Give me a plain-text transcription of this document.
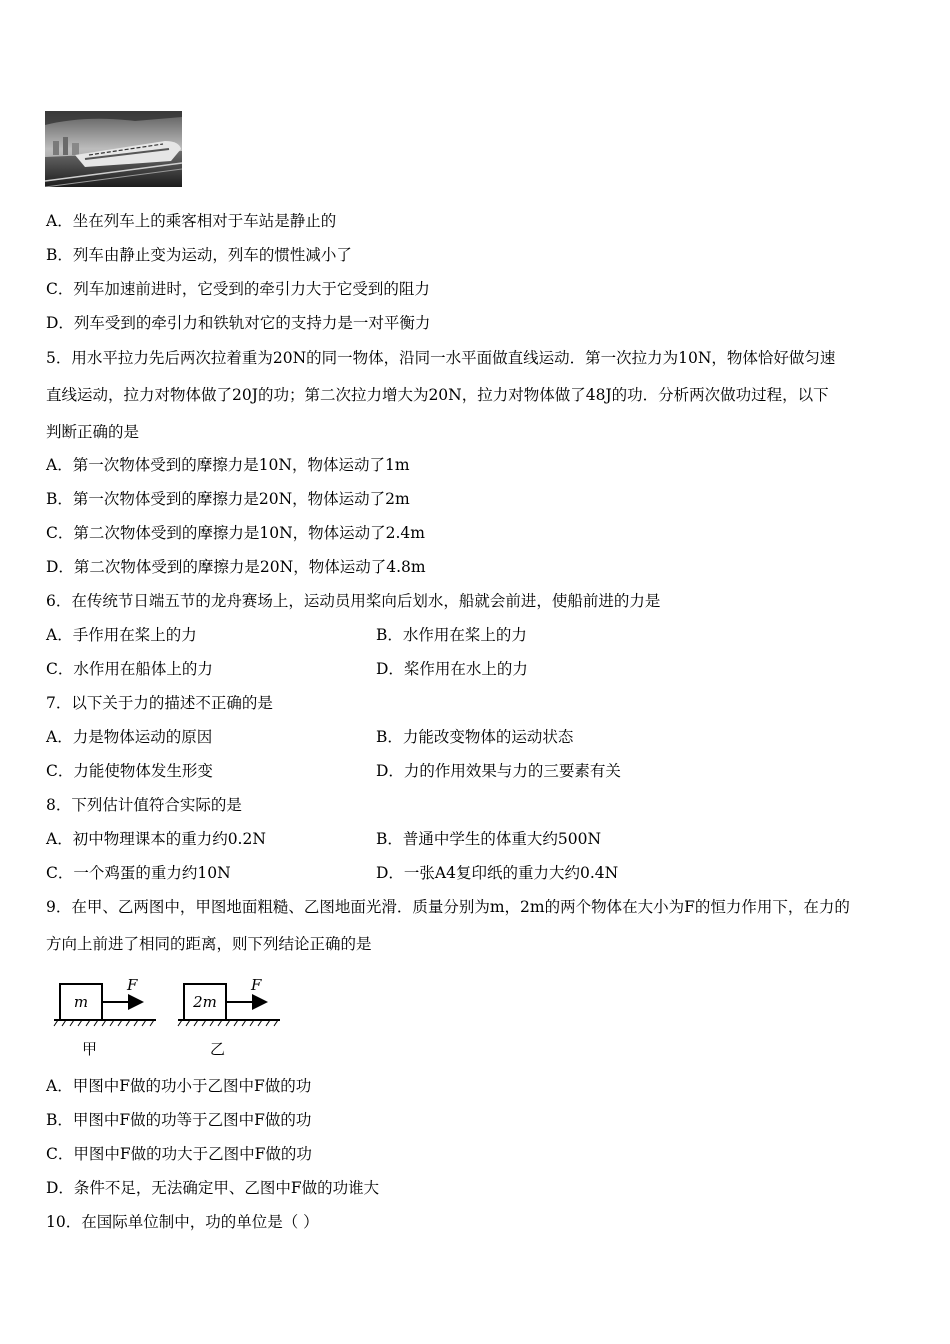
A．坐在列车上的乘客相对于车站是静止的
B．列车由静止变为运动，列车的惯性减小了
C．列车加速前进时，它受到的牵引力大于它受到的阻力
D．列车受到的牵引力和铁轨对它的支持力是一对平衡力
5．用水平拉力先后两次拉着重为20N的同一物体，沿同一水平面做直线运动．第一次拉力为10N，物体恰好做匀速
直线运动，拉力对物体做了20J的功；第二次拉力增大为20N，拉力对物体做了48J的功．分析两次做功过程，以下
判断正确的是
A．第一次物体受到的摩擦力是10N，物体运动了1m
B．第一次物体受到的摩擦力是20N，物体运动了2m
C．第二次物体受到的摩擦力是10N，物体运动了2.4m
D．第二次物体受到的摩擦力是20N，物体运动了4.8m
6．在传统节日端五节的龙舟赛场上，运动员用桨向后划水，船就会前进，使船前进的力是
A．手作用在桨上的力	B．水作用在桨上的力
C．水作用在船体上的力	D．桨作用在水上的力
7．以下关于力的描述不正确的是
A．力是物体运动的原因	B．力能改变物体的运动状态
C．力能使物体发生形变	D．力的作用效果与力的三要素有关
8．下列估计值符合实际的是
A．初中物理课本的重力约0.2N	B．普通中学生的体重大约500N
C．一个鸡蛋的重力约10N	D．一张A4复印纸的重力大约0.4N
9．在甲、乙两图中，甲图地面粗糙、乙图地面光滑．质量分别为m，2m的两个物体在大小为F的恒力作用下，在力的
方向上前进了相同的距离，则下列结论正确的是
m
F
2m
F
甲	乙
A．甲图中F做的功小于乙图中F做的功
B．甲图中F做的功等于乙图中F做的功
C．甲图中F做的功大于乙图中F做的功
D．条件不足，无法确定甲、乙图中F做的功谁大
10．在国际单位制中，功的单位是（ ）
